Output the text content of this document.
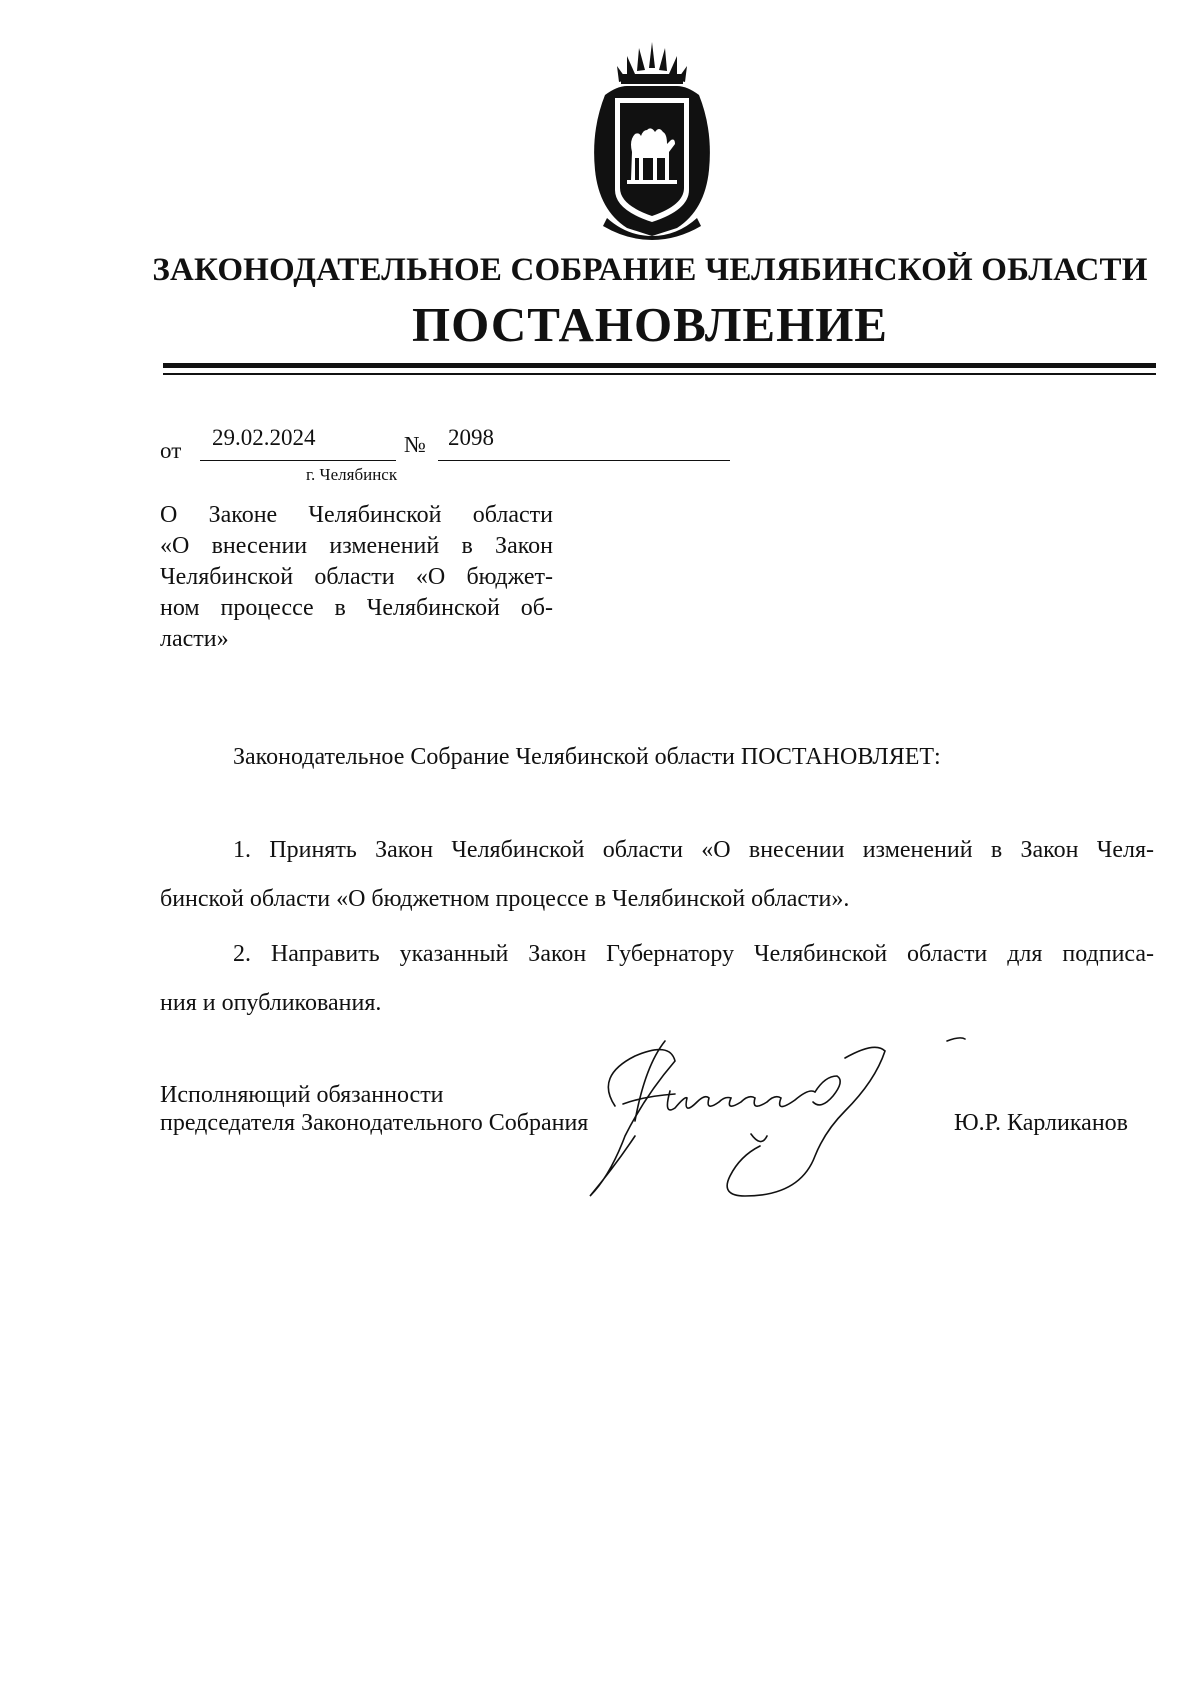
ЗАКОНОДАТЕЛЬНОЕ СОБРАНИЕ ЧЕЛЯБИНСКОЙ ОБЛАСТИ
ПОСТАНОВЛЕНИЕ
от
29.02.2024	№ 2098
г. Челябинск
О Законе Челябинской области
«О внесении изменений в Закон
Челябинской области «О бюджет-
ном процессе в Челябинской об-
ласти»
Законодательное Собрание Челябинской области ПОСТАНОВЛЯЕТ:
1. Принять Закон Челябинской области «О внесении изменений в Закон Челя-
бинской области «О бюджетном процессе в Челябинской области».
2. Направить указанный Закон Губернатору Челябинской области для подписа-
ния и опубликования.
Исполняющий обязанности
председателя Законодательного Собрания	Ю.Р. Карликанов
